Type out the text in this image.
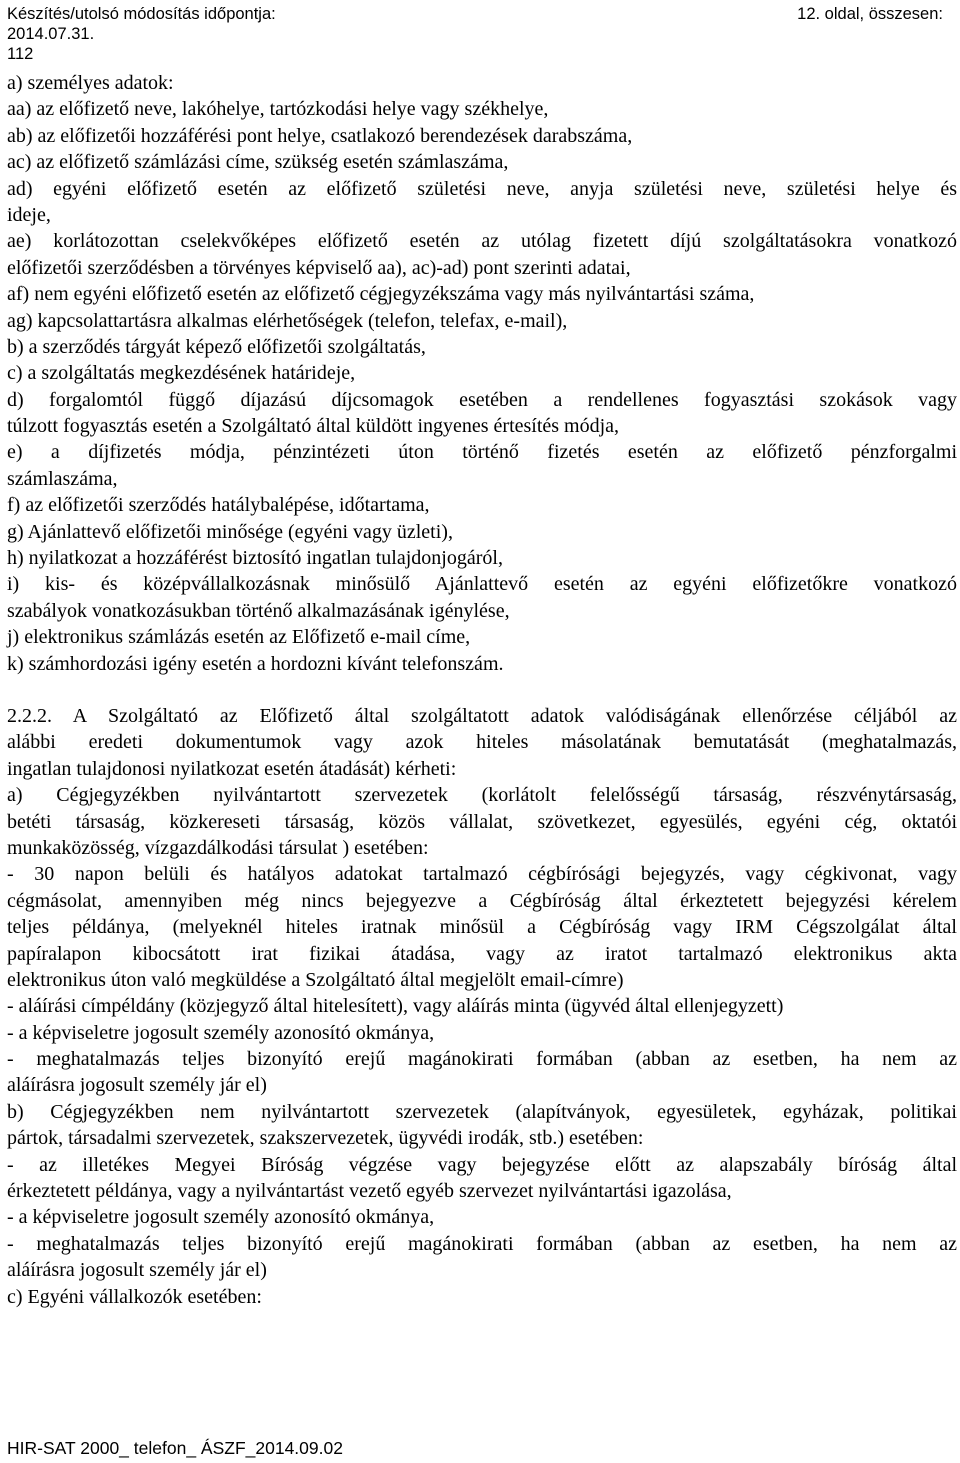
Készítés/utolsó módosítás időpontja: 2014.07.31.
112
12. oldal, összesen:
a) személyes adatok:
aa) az előfizető neve, lakóhelye, tartózkodási helye vagy székhelye,
ab) az előfizetői hozzáférési pont helye, csatlakozó berendezések darabszáma,
ac) az előfizető számlázási címe, szükség esetén számlaszáma,
ad) egyéni előfizető esetén az előfizető születési neve, anyja születési neve, születési helye és
ideje,
ae) korlátozottan cselekvőképes előfizető esetén az utólag fizetett díjú szolgáltatásokra vonatkozó
előfizetői szerződésben a törvényes képviselő aa), ac)-ad) pont szerinti adatai,
af) nem egyéni előfizető esetén az előfizető cégjegyzékszáma vagy más nyilvántartási száma,
ag) kapcsolattartásra alkalmas elérhetőségek (telefon, telefax, e-mail),
b) a szerződés tárgyát képező előfizetői szolgáltatás,
c) a szolgáltatás megkezdésének határideje,
d) forgalomtól függő díjazású díjcsomagok esetében a rendellenes fogyasztási szokások vagy
túlzott fogyasztás esetén a Szolgáltató által küldött ingyenes értesítés módja,
e) a díjfizetés módja, pénzintézeti úton történő fizetés esetén az előfizető pénzforgalmi
számlaszáma,
f) az előfizetői szerződés hatálybalépése, időtartama,
g) Ajánlattevő előfizetői minősége (egyéni vagy üzleti),
h) nyilatkozat a hozzáférést biztosító ingatlan tulajdonjogáról,
i) kis- és középvállalkozásnak minősülő Ajánlattevő esetén az egyéni előfizetőkre vonatkozó
szabályok vonatkozásukban történő alkalmazásának igénylése,
j) elektronikus számlázás esetén az Előfizető e-mail címe,
k) számhordozási igény esetén a hordozni kívánt telefonszám.
2.2.2. A Szolgáltató az Előfizető által szolgáltatott adatok valódiságának ellenőrzése céljából az
alábbi eredeti dokumentumok vagy azok hiteles másolatának bemutatását (meghatalmazás,
ingatlan tulajdonosi nyilatkozat esetén átadását) kérheti:
a) Cégjegyzékben nyilvántartott szervezetek (korlátolt felelősségű társaság, részvénytársaság,
betéti társaság, közkereseti társaság, közös vállalat, szövetkezet, egyesülés, egyéni cég, oktatói
munkaközösség, vízgazdálkodási társulat ) esetében:
- 30 napon belüli és hatályos adatokat tartalmazó cégbírósági bejegyzés, vagy cégkivonat, vagy
cégmásolat, amennyiben még nincs bejegyezve a Cégbíróság által érkeztetett bejegyzési kérelem
teljes példánya, (melyeknél hiteles iratnak minősül a Cégbíróság vagy IRM Cégszolgálat által
papíralapon kibocsátott irat fizikai átadása, vagy az iratot tartalmazó elektronikus akta
elektronikus úton való megküldése a Szolgáltató által megjelölt email-címre)
- aláírási címpéldány (közjegyző által hitelesített), vagy aláírás minta (ügyvéd által ellenjegyzett)
- a képviseletre jogosult személy azonosító okmánya,
- meghatalmazás teljes bizonyító erejű magánokirati formában (abban az esetben, ha nem az
aláírásra jogosult személy jár el)
b) Cégjegyzékben nem nyilvántartott szervezetek (alapítványok, egyesületek, egyházak, politikai
pártok, társadalmi szervezetek, szakszervezetek, ügyvédi irodák, stb.) esetében:
- az illetékes Megyei Bíróság végzése vagy bejegyzése előtt az alapszabály bíróság által
érkeztetett példánya, vagy a nyilvántartást vezető egyéb szervezet nyilvántartási igazolása,
- a képviseletre jogosult személy azonosító okmánya,
- meghatalmazás teljes bizonyító erejű magánokirati formában (abban az esetben, ha nem az
aláírásra jogosult személy jár el)
c) Egyéni vállalkozók esetében:
HIR-SAT 2000_ telefon_ ÁSZF_2014.09.02
